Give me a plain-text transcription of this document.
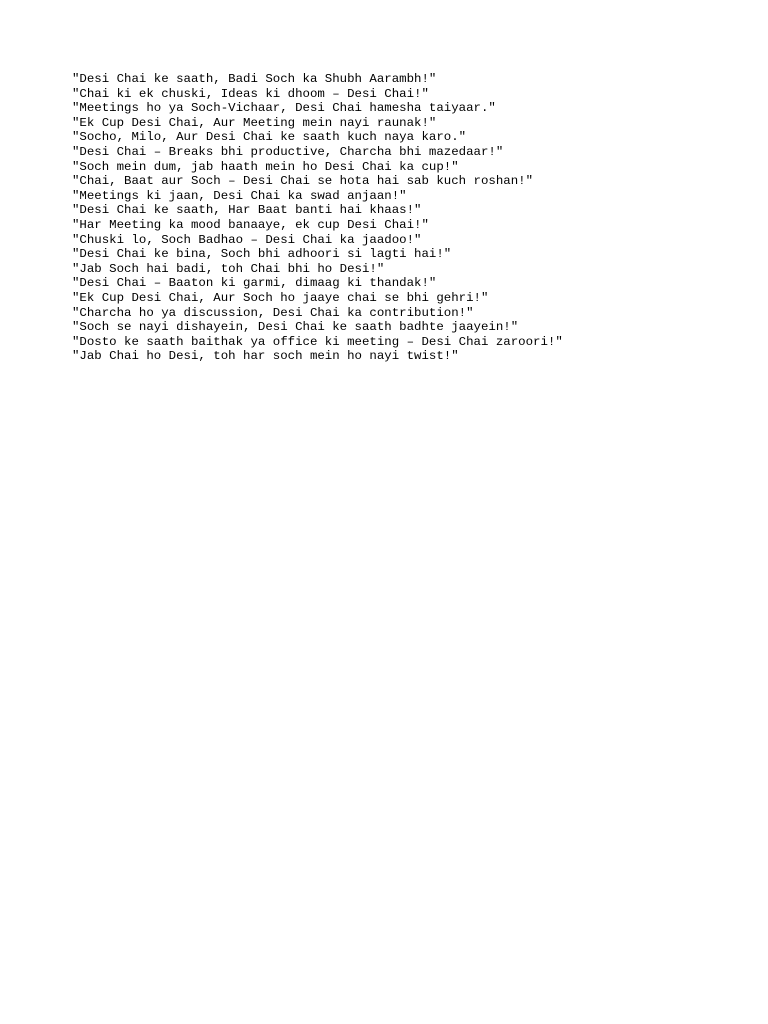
"Desi Chai ke saath, Badi Soch ka Shubh Aarambh!"
"Chai ki ek chuski, Ideas ki dhoom – Desi Chai!"
"Meetings ho ya Soch-Vichaar, Desi Chai hamesha taiyaar."
"Ek Cup Desi Chai, Aur Meeting mein nayi raunak!"
"Socho, Milo, Aur Desi Chai ke saath kuch naya karo."
"Desi Chai – Breaks bhi productive, Charcha bhi mazedaar!"
"Soch mein dum, jab haath mein ho Desi Chai ka cup!"
"Chai, Baat aur Soch – Desi Chai se hota hai sab kuch roshan!"
"Meetings ki jaan, Desi Chai ka swad anjaan!"
"Desi Chai ke saath, Har Baat banti hai khaas!"
"Har Meeting ka mood banaaye, ek cup Desi Chai!"
"Chuski lo, Soch Badhao – Desi Chai ka jaadoo!"
"Desi Chai ke bina, Soch bhi adhoori si lagti hai!"
"Jab Soch hai badi, toh Chai bhi ho Desi!"
"Desi Chai – Baaton ki garmi, dimaag ki thandak!"
"Ek Cup Desi Chai, Aur Soch ho jaaye chai se bhi gehri!"
"Charcha ho ya discussion, Desi Chai ka contribution!"
"Soch se nayi dishayein, Desi Chai ke saath badhte jaayein!"
"Dosto ke saath baithak ya office ki meeting – Desi Chai zaroori!"
"Jab Chai ho Desi, toh har soch mein ho nayi twist!"
